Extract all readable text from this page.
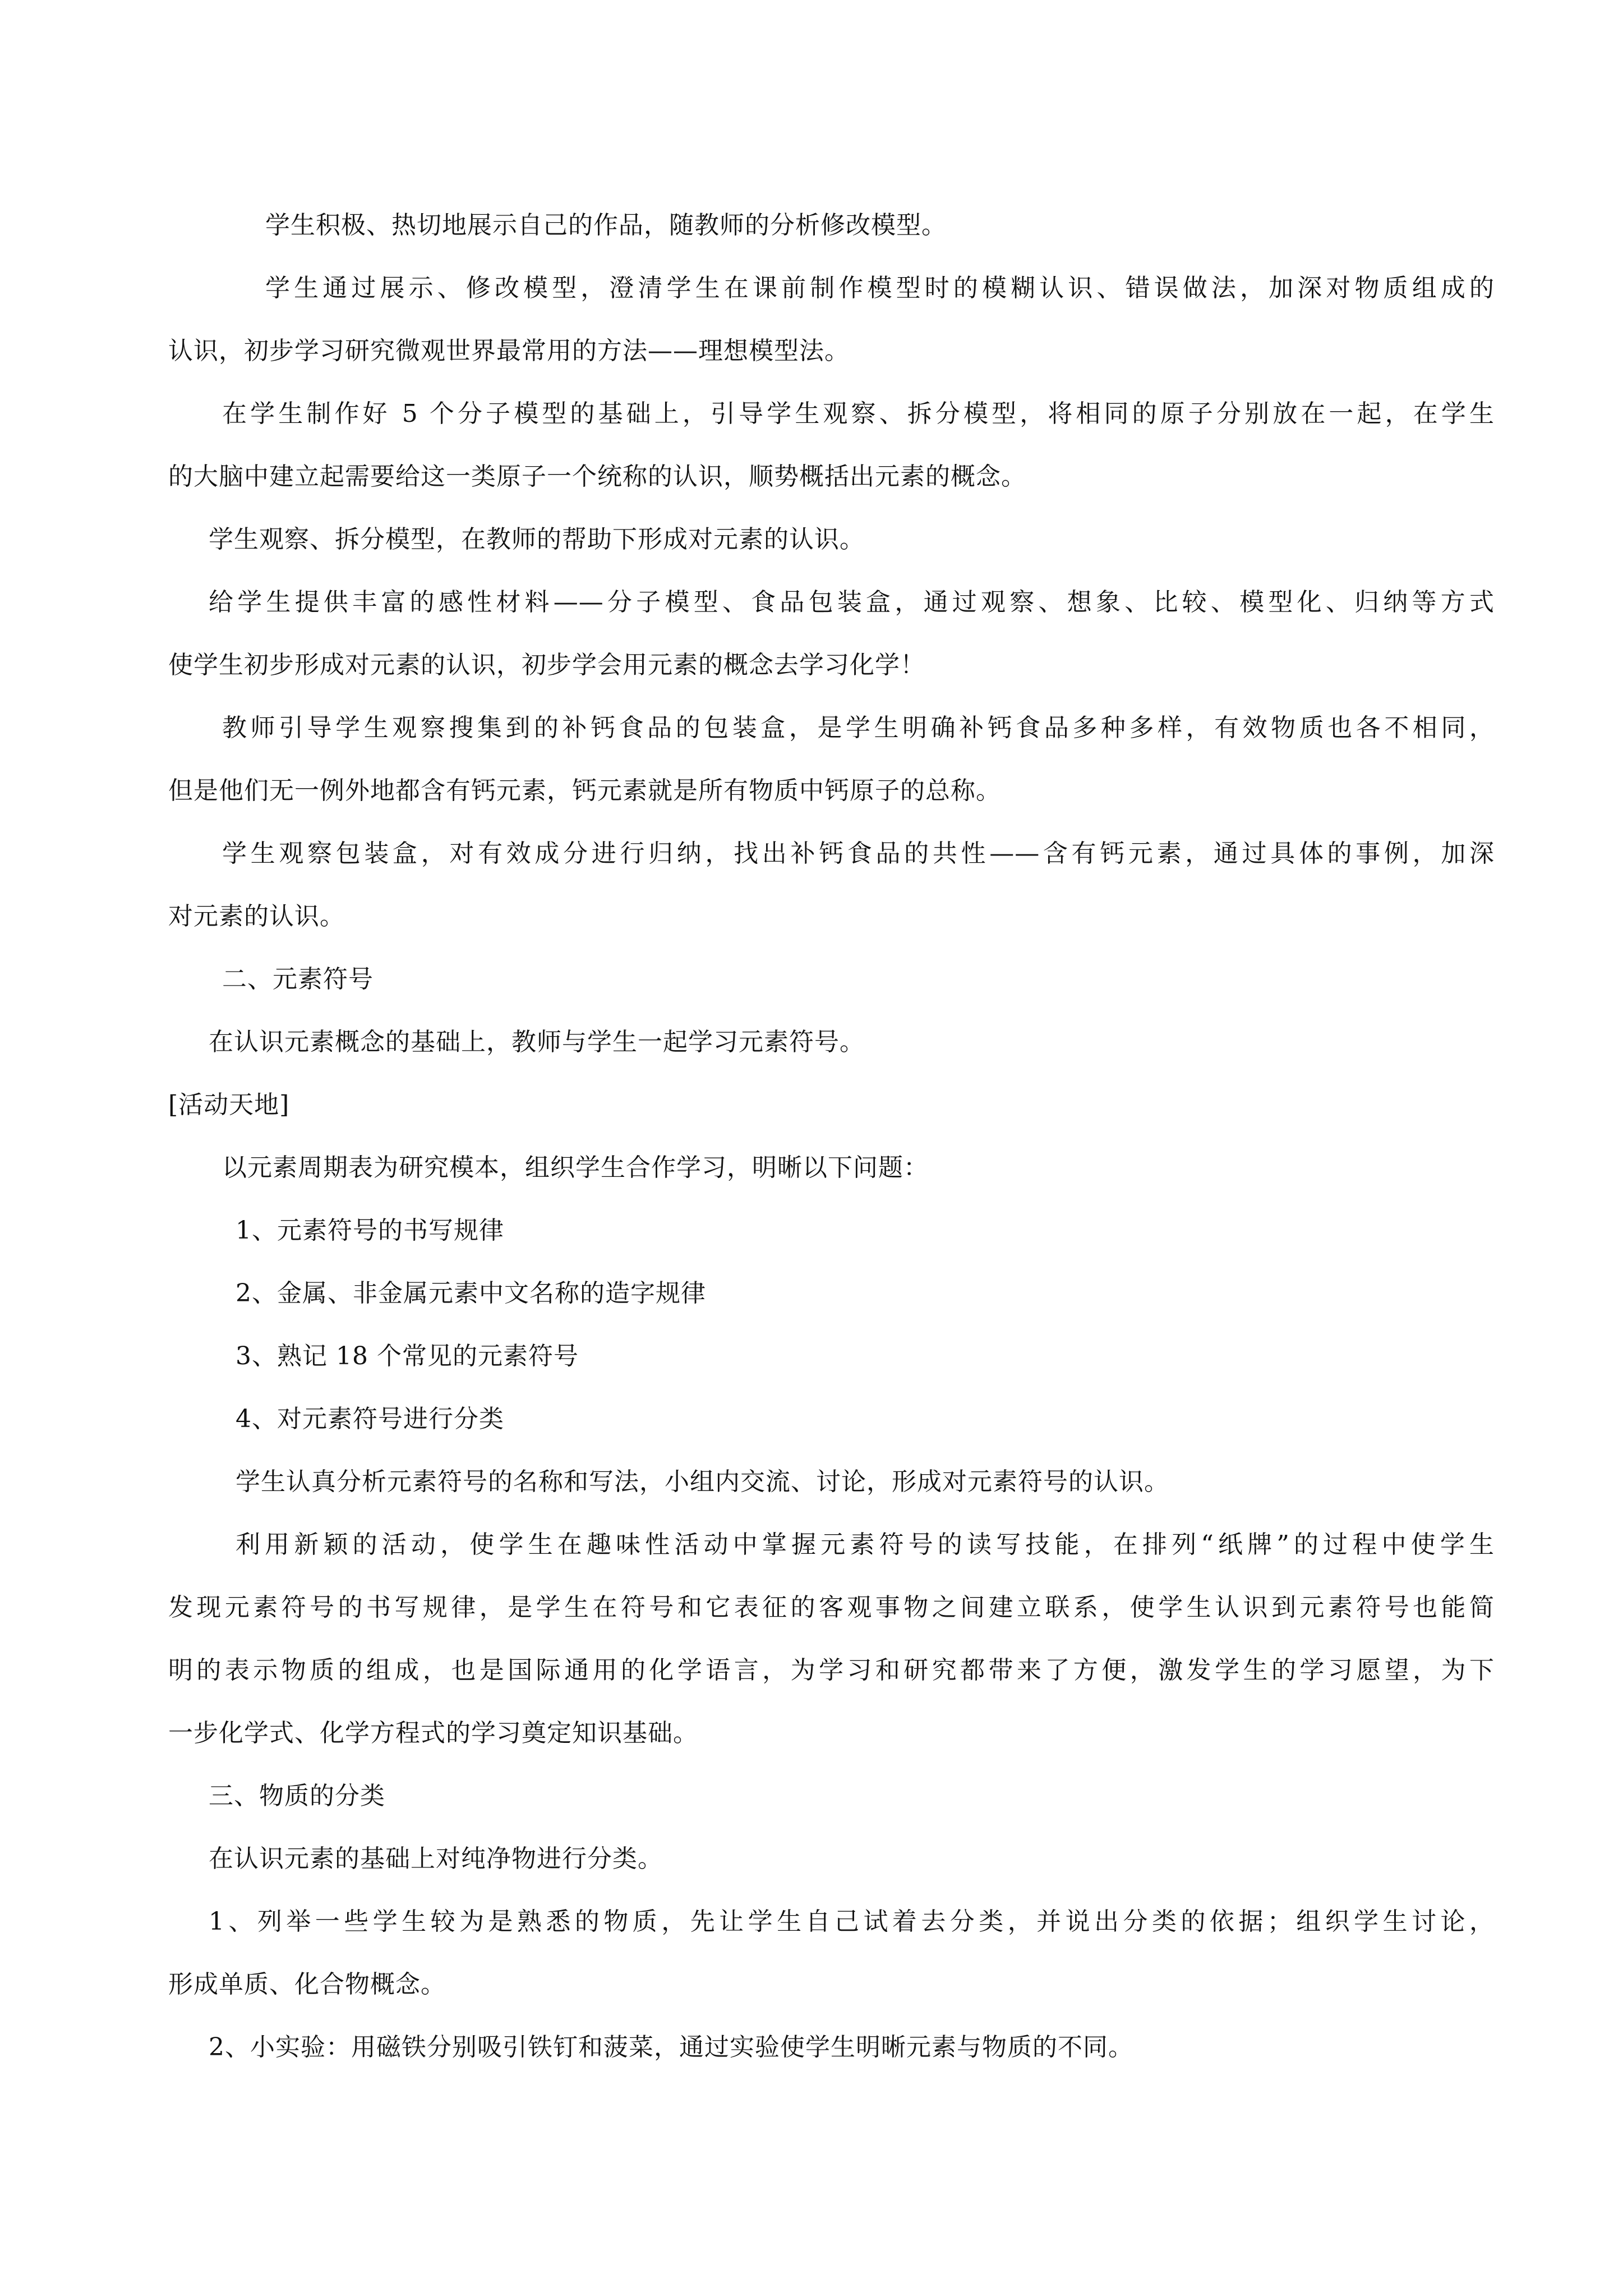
学生积极、热切地展示自己的作品，随教师的分析修改模型。
学生通过展示、修改模型，澄清学生在课前制作模型时的模糊认识、错误做法，加深对物质组成的
认识，初步学习研究微观世界最常用的方法——理想模型法。
在学生制作好 5 个分子模型的基础上，引导学生观察、拆分模型，将相同的原子分别放在一起，在学生
的大脑中建立起需要给这一类原子一个统称的认识，顺势概括出元素的概念。
学生观察、拆分模型，在教师的帮助下形成对元素的认识。
给学生提供丰富的感性材料——分子模型、食品包装盒，通过观察、想象、比较、模型化、归纳等方式
使学生初步形成对元素的认识，初步学会用元素的概念去学习化学！
教师引导学生观察搜集到的补钙食品的包装盒，是学生明确补钙食品多种多样，有效物质也各不相同，
但是他们无一例外地都含有钙元素，钙元素就是所有物质中钙原子的总称。
学生观察包装盒，对有效成分进行归纳，找出补钙食品的共性——含有钙元素，通过具体的事例，加深
对元素的认识。
二、元素符号
在认识元素概念的基础上，教师与学生一起学习元素符号。
[活动天地]
以元素周期表为研究模本，组织学生合作学习，明晰以下问题：
1、元素符号的书写规律
2、金属、非金属元素中文名称的造字规律
3、熟记 18 个常见的元素符号
4、对元素符号进行分类
学生认真分析元素符号的名称和写法，小组内交流、讨论，形成对元素符号的认识。
利用新颖的活动，使学生在趣味性活动中掌握元素符号的读写技能，在排列“纸牌”的过程中使学生
发现元素符号的书写规律，是学生在符号和它表征的客观事物之间建立联系，使学生认识到元素符号也能简
明的表示物质的组成，也是国际通用的化学语言，为学习和研究都带来了方便，激发学生的学习愿望，为下
一步化学式、化学方程式的学习奠定知识基础。
三、物质的分类
在认识元素的基础上对纯净物进行分类。
1、列举一些学生较为是熟悉的物质，先让学生自己试着去分类，并说出分类的依据；组织学生讨论，
形成单质、化合物概念。
2、小实验：用磁铁分别吸引铁钉和菠菜，通过实验使学生明晰元素与物质的不同。
